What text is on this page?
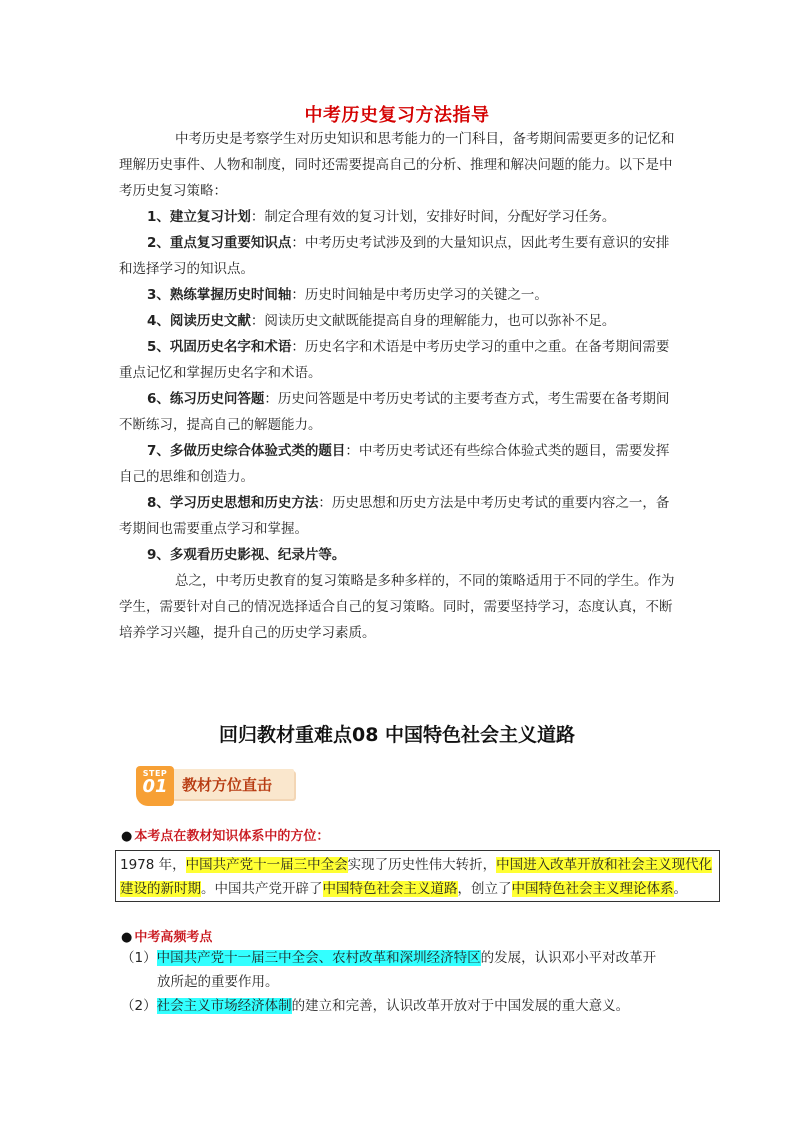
中考历史复习方法指导

中考历史是考察学生对历史知识和思考能力的一门科目，备考期间需要更多的记忆和理解历史事件、人物和制度，同时还需要提高自己的分析、推理和解决问题的能力。以下是中考历史复习策略：

1、建立复习计划：制定合理有效的复习计划，安排好时间，分配好学习任务。

2、重点复习重要知识点：中考历史考试涉及到的大量知识点，因此考生要有意识的安排和选择学习的知识点。

3、熟练掌握历史时间轴：历史时间轴是中考历史学习的关键之一。

4、阅读历史文献：阅读历史文献既能提高自身的理解能力，也可以弥补不足。

5、巩固历史名字和术语：历史名字和术语是中考历史学习的重中之重。在备考期间需要重点记忆和掌握历史名字和术语。

6、练习历史问答题：历史问答题是中考历史考试的主要考查方式，考生需要在备考期间不断练习，提高自己的解题能力。

7、多做历史综合体验式类的题目：中考历史考试还有些综合体验式类的题目，需要发挥自己的思维和创造力。

8、学习历史思想和历史方法：历史思想和历史方法是中考历史考试的重要内容之一，备考期间也需要重点学习和掌握。

9、多观看历史影视、纪录片等。

总之，中考历史教育的复习策略是多种多样的，不同的策略适用于不同的学生。作为学生，需要针对自己的情况选择适合自己的复习策略。同时，需要坚持学习，态度认真，不断培养学习兴趣，提升自己的历史学习素质。

回归教材重难点08 中国特色社会主义道路
STEP
01 教材方位直击
● 本考点在教材知识体系中的方位：
1978 年，中国共产党十一届三中全会实现了历史性伟大转折，中国进入改革开放和社会主义现代化建设的新时期。中国共产党开辟了中国特色社会主义道路，创立了中国特色社会主义理论体系。
● 中考高频考点
（1）中国共产党十一届三中全会、农村改革和深圳经济特区的发展，认识邓小平对改革开
放所起的重要作用。
（2）社会主义市场经济体制的建立和完善，认识改革开放对于中国发展的重大意义。
